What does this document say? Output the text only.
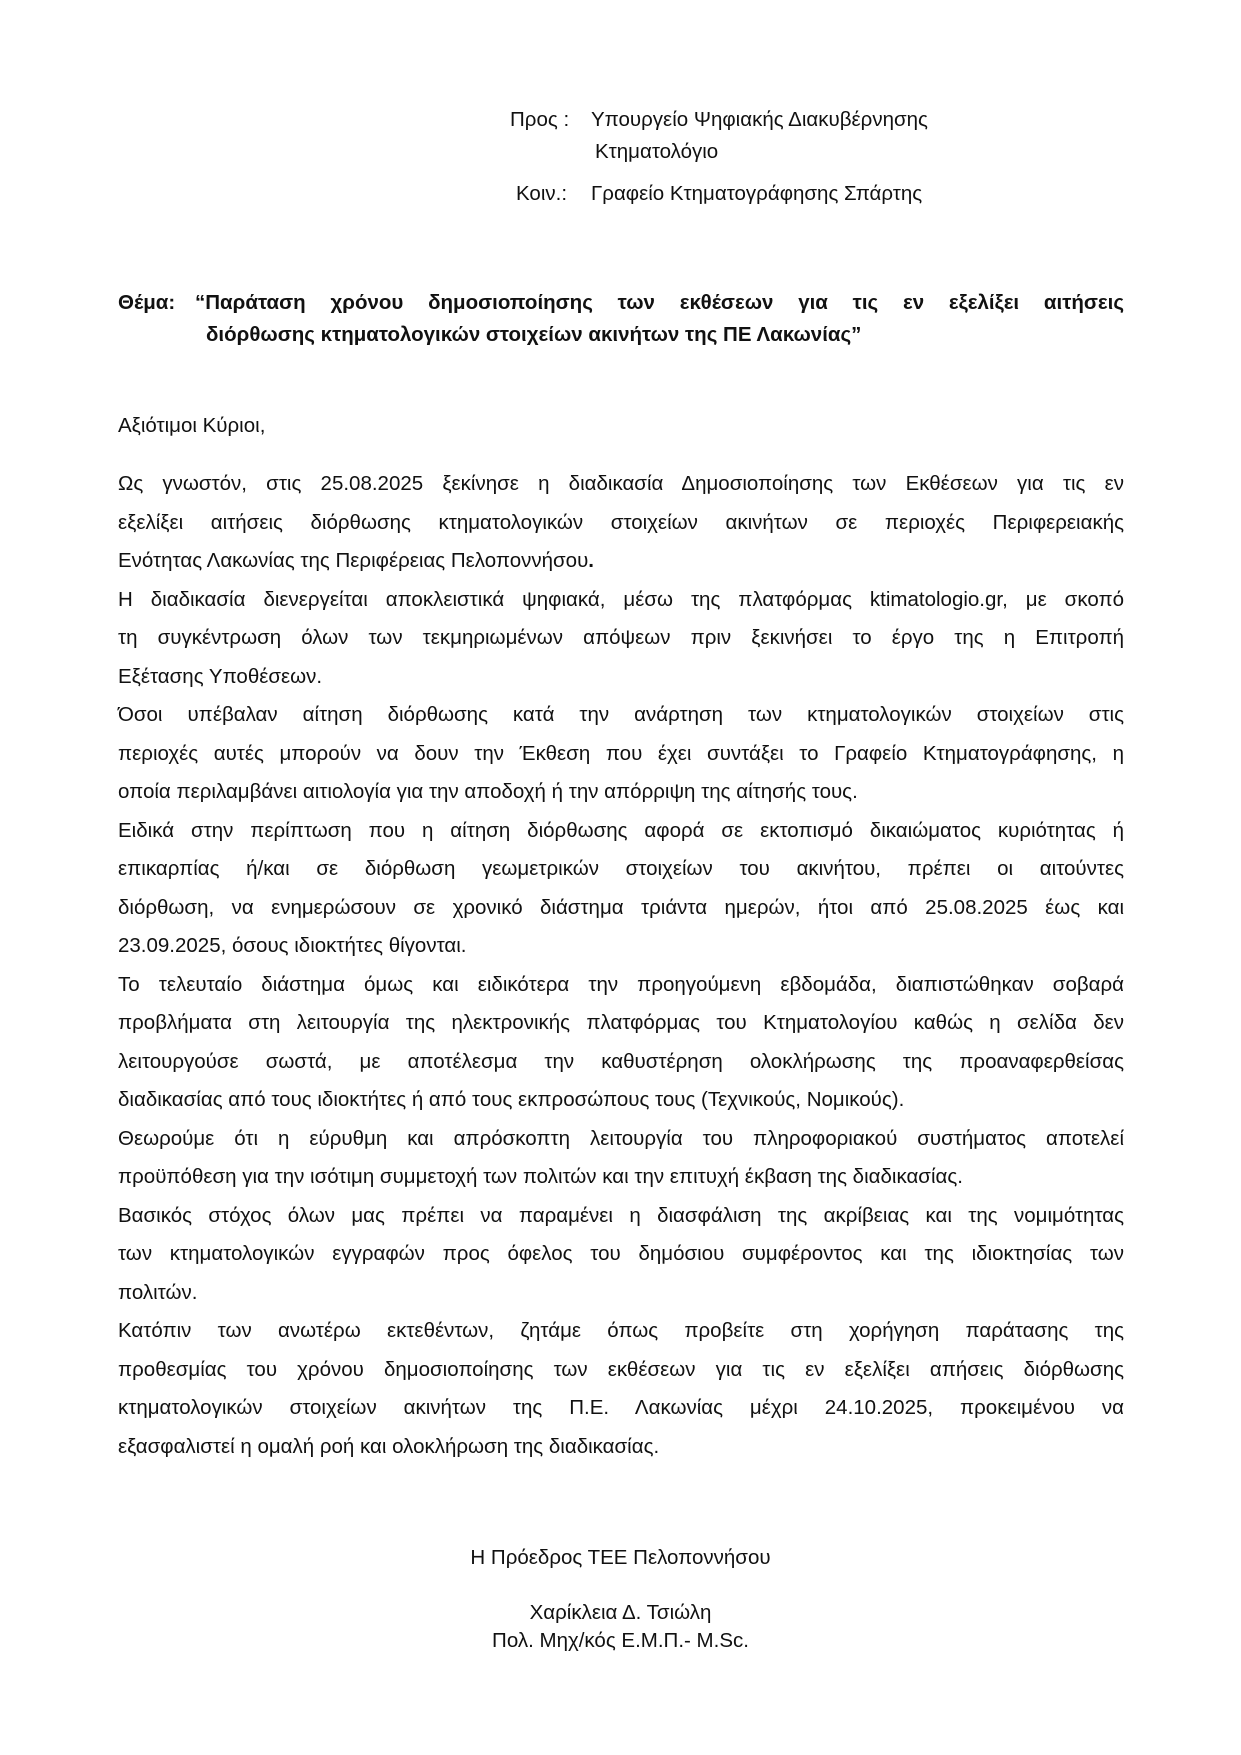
Προς :	Υπουργείο Ψηφιακής Διακυβέρνησης
Κτηματολόγιο
Κοιν.:	Γραφείο Κτηματογράφησης Σπάρτης
Θέμα: “Παράταση χρόνου δημοσιοποίησης των εκθέσεων για τις εν εξελίξει αιτήσεις
διόρθωσης κτηματολογικών στοιχείων ακινήτων της ΠΕ Λακωνίας”
Αξιότιμοι Κύριοι,
Ως γνωστόν, στις 25.08.2025 ξεκίνησε η διαδικασία Δημοσιοποίησης των Εκθέσεων για τις εν
εξελίξει αιτήσεις διόρθωσης κτηματολογικών στοιχείων ακινήτων σε περιοχές Περιφερειακής
Ενότητας Λακωνίας της Περιφέρειας Πελοποννήσου.
Η διαδικασία διενεργείται αποκλειστικά ψηφιακά, μέσω της πλατφόρμας ktimatologio.gr, με σκοπό
τη συγκέντρωση όλων των τεκμηριωμένων απόψεων πριν ξεκινήσει το έργο της η Επιτροπή
Εξέτασης Υποθέσεων.
Όσοι υπέβαλαν αίτηση διόρθωσης κατά την ανάρτηση των κτηματολογικών στοιχείων στις
περιοχές αυτές μπορούν να δουν την Έκθεση που έχει συντάξει το Γραφείο Κτηματογράφησης, η
οποία περιλαμβάνει αιτιολογία για την αποδοχή ή την απόρριψη της αίτησής τους.
Ειδικά στην περίπτωση που η αίτηση διόρθωσης αφορά σε εκτοπισμό δικαιώματος κυριότητας ή
επικαρπίας ή/και σε διόρθωση γεωμετρικών στοιχείων του ακινήτου, πρέπει οι αιτούντες
διόρθωση, να ενημερώσουν σε χρονικό διάστημα τριάντα ημερών, ήτοι από 25.08.2025 έως και
23.09.2025, όσους ιδιοκτήτες θίγονται.
Το τελευταίο διάστημα όμως και ειδικότερα την προηγούμενη εβδομάδα, διαπιστώθηκαν σοβαρά
προβλήματα στη λειτουργία της ηλεκτρονικής πλατφόρμας του Κτηματολογίου καθώς η σελίδα δεν
λειτουργούσε σωστά, με αποτέλεσμα την καθυστέρηση ολοκλήρωσης της προαναφερθείσας
διαδικασίας από τους ιδιοκτήτες ή από τους εκπροσώπους τους (Τεχνικούς, Νομικούς).
Θεωρούμε ότι η εύρυθμη και απρόσκοπτη λειτουργία του πληροφοριακού συστήματος αποτελεί
προϋπόθεση για την ισότιμη συμμετοχή των πολιτών και την επιτυχή έκβαση της διαδικασίας.
Βασικός στόχος όλων μας πρέπει να παραμένει η διασφάλιση της ακρίβειας και της νομιμότητας
των κτηματολογικών εγγραφών προς όφελος του δημόσιου συμφέροντος και της ιδιοκτησίας των
πολιτών.
Κατόπιν των ανωτέρω εκτεθέντων, ζητάμε όπως προβείτε στη χορήγηση παράτασης της
προθεσμίας του χρόνου δημοσιοποίησης των εκθέσεων για τις εν εξελίξει απήσεις διόρθωσης
κτηματολογικών στοιχείων ακινήτων της Π.Ε. Λακωνίας μέχρι 24.10.2025, προκειμένου να
εξασφαλιστεί η ομαλή ροή και ολοκλήρωση της διαδικασίας.
Η Πρόεδρος ΤΕΕ Πελοποννήσου
Χαρίκλεια Δ. Τσιώλη
Πολ. Μηχ/κός Ε.Μ.Π.- M.Sc.
